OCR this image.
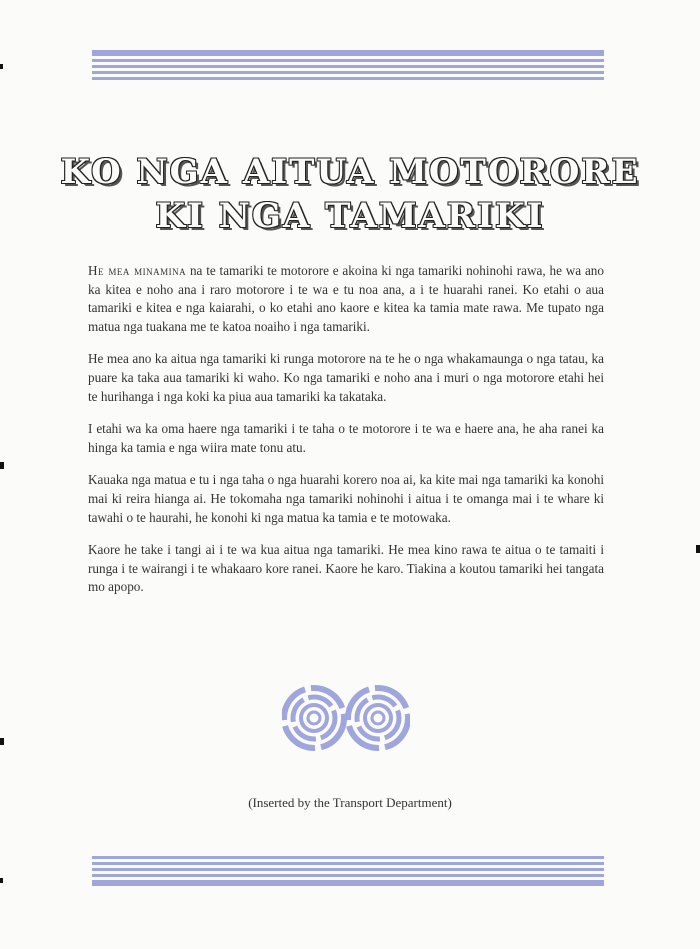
KO NGA AITUA MOTORORE
KI NGA TAMARIKI

He mea minamina na te tamariki te motorore e akoina ki nga tamariki nohinohi rawa, he wa ano ka kitea e noho ana i raro motorore i te wa e tu noa ana, a i te huarahi ranei. Ko etahi o aua tamariki e kitea e nga kaiarahi, o ko etahi ano kaore e kitea ka tamia mate rawa. Me tupato nga matua nga tuakana me te katoa noaiho i nga tamariki.

He mea ano ka aitua nga tamariki ki runga motorore na te he o nga whakamaunga o nga tatau, ka puare ka taka aua tamariki ki waho. Ko nga tamariki e noho ana i muri o nga motorore etahi hei te hurihanga i nga koki ka piua aua tamariki ka takataka.

I etahi wa ka oma haere nga tamariki i te taha o te motorore i te wa e haere ana, he aha ranei ka hinga ka tamia e nga wiira mate tonu atu.

Kauaka nga matua e tu i nga taha o nga huarahi korero noa ai, ka kite mai nga tamariki ka konohi mai ki reira hianga ai. He tokomaha nga tamariki nohinohi i aitua i te omanga mai i te whare ki tawahi o te haurahi, he konohi ki nga matua ka tamia e te motowaka.

Kaore he take i tangi ai i te wa kua aitua nga tamariki. He mea kino rawa te aitua o te tamaiti i runga i te wairangi i te whakaaro kore ranei. Kaore he karo. Tiakina a koutou tamariki hei tangata mo apopo.

(Inserted by the Transport Department)
